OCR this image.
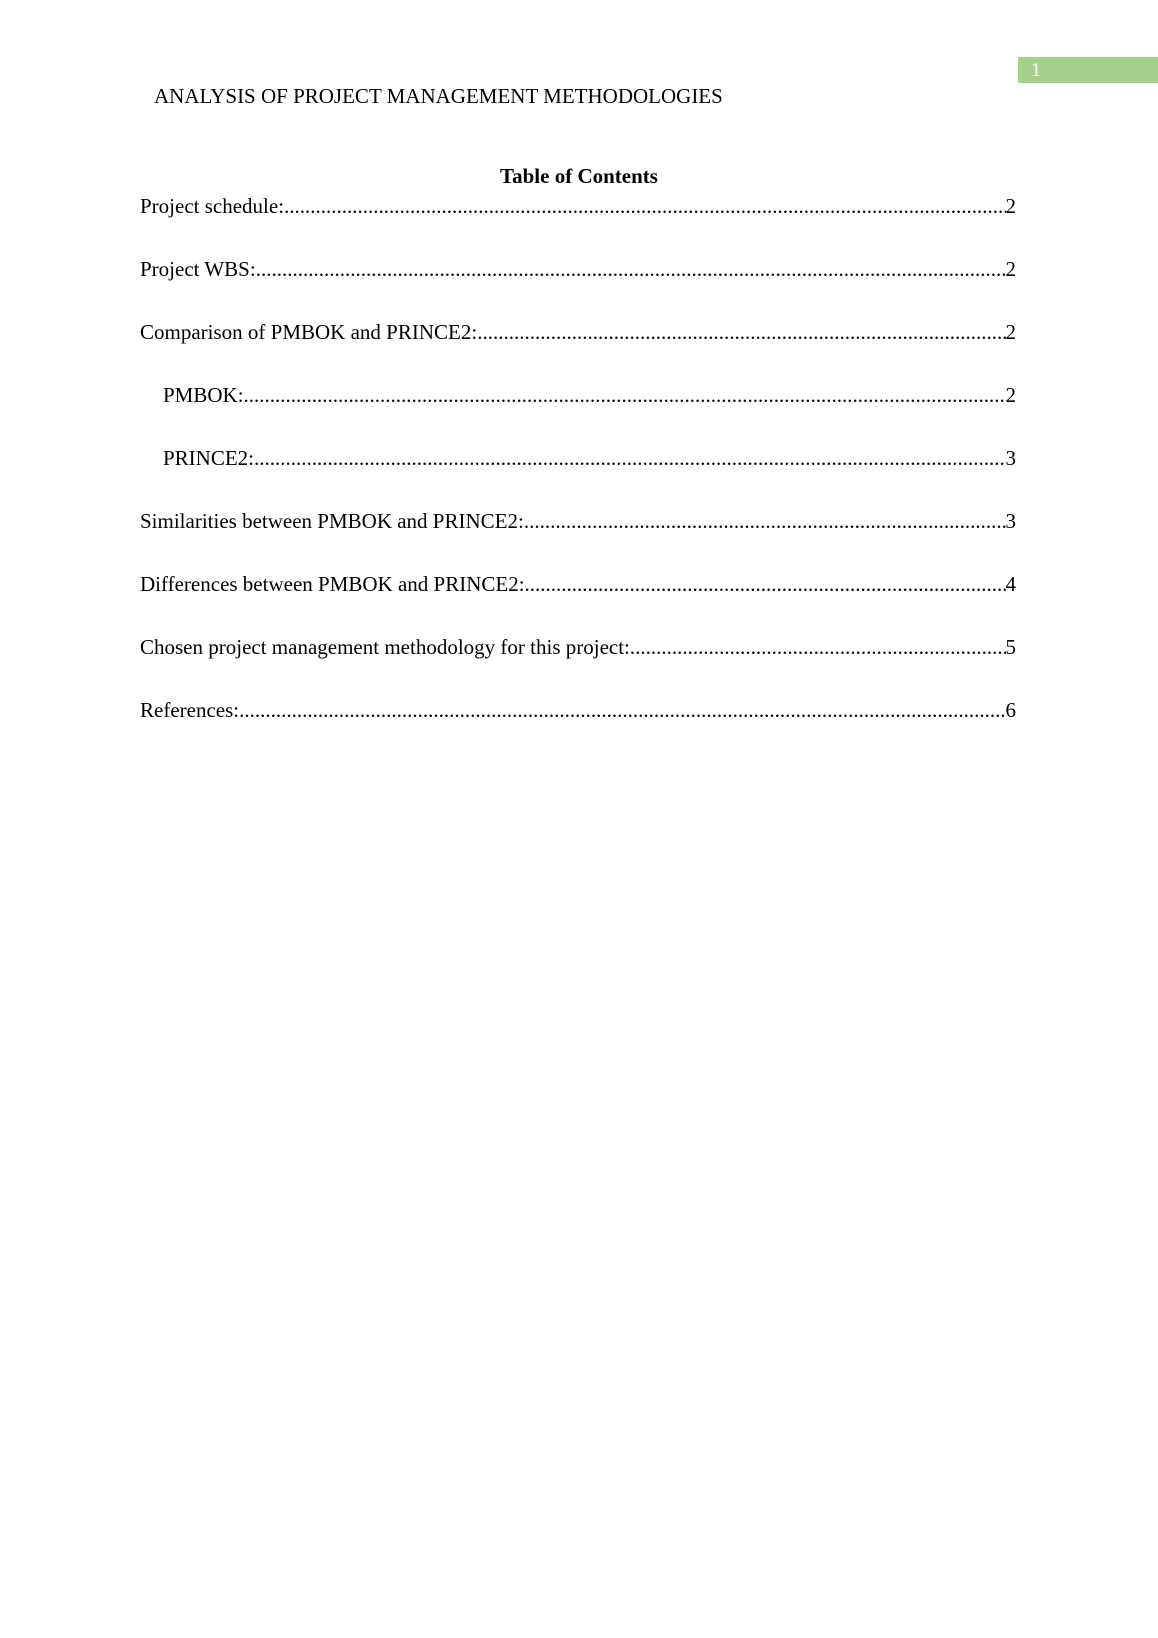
1
ANALYSIS OF PROJECT MANAGEMENT METHODOLOGIES
Table of Contents
Project schedule: .....	2
Project WBS: .....	2
Comparison of PMBOK and PRINCE2: .....	2
PMBOK: .....	2
PRINCE2: .....	3
Similarities between PMBOK and PRINCE2: .....	3
Differences between PMBOK and PRINCE2: .....	4
Chosen project management methodology for this project: .....	5
References: .....	6
